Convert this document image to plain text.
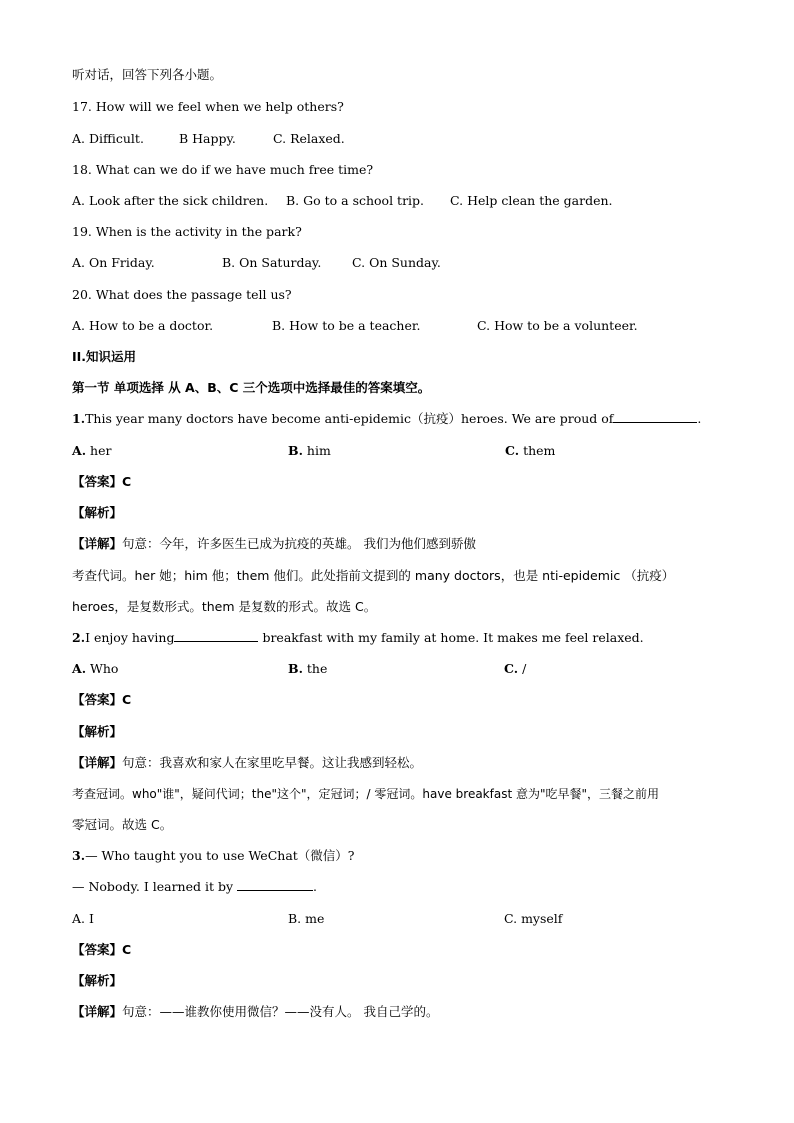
听对话，回答下列各小题。
17. How will we feel when we help others?
A. Difficult.	B Happy.	C. Relaxed.
18. What can we do if we have much free time?
A. Look after the sick children. B. Go to a school trip. C. Help clean the garden.
19. When is the activity in the park?
A. On Friday.	B. On Saturday. C. On Sunday.
20. What does the passage tell us?
A. How to be a doctor.	B. How to be a teacher.	C. How to be a volunteer.
II.知识运用
第一节 单项选择 从 A、B、C 三个选项中选择最佳的答案填空。
1.This year many doctors have become anti-epidemic（抗疫）heroes. We are proud of	.
A. her	B. him	C. them
【答案】C
【解析】
【详解】句意：今年，许多医生已成为抗疫的英雄。 我们为他们感到骄傲
考查代词。her 她；him 他；them 他们。此处指前文提到的 many doctors，也是 nti-epidemic （抗疫）
heroes，是复数形式。them 是复数的形式。故选 C。
2.I enjoy having	breakfast with my family at home. It makes me feel relaxed.
A. Who	B. the	C. /
【答案】C
【解析】
【详解】句意：我喜欢和家人在家里吃早餐。这让我感到轻松。
考查冠词。who"谁"，疑问代词；the"这个"，定冠词；/ 零冠词。have breakfast 意为"吃早餐"，三餐之前用
零冠词。故选 C。
3.— Who taught you to use WeChat（微信）?
— Nobody. I learned it by	.
A. I	B. me	C. myself
【答案】C
【解析】
【详解】句意：——谁教你使用微信？——没有人。 我自己学的。
